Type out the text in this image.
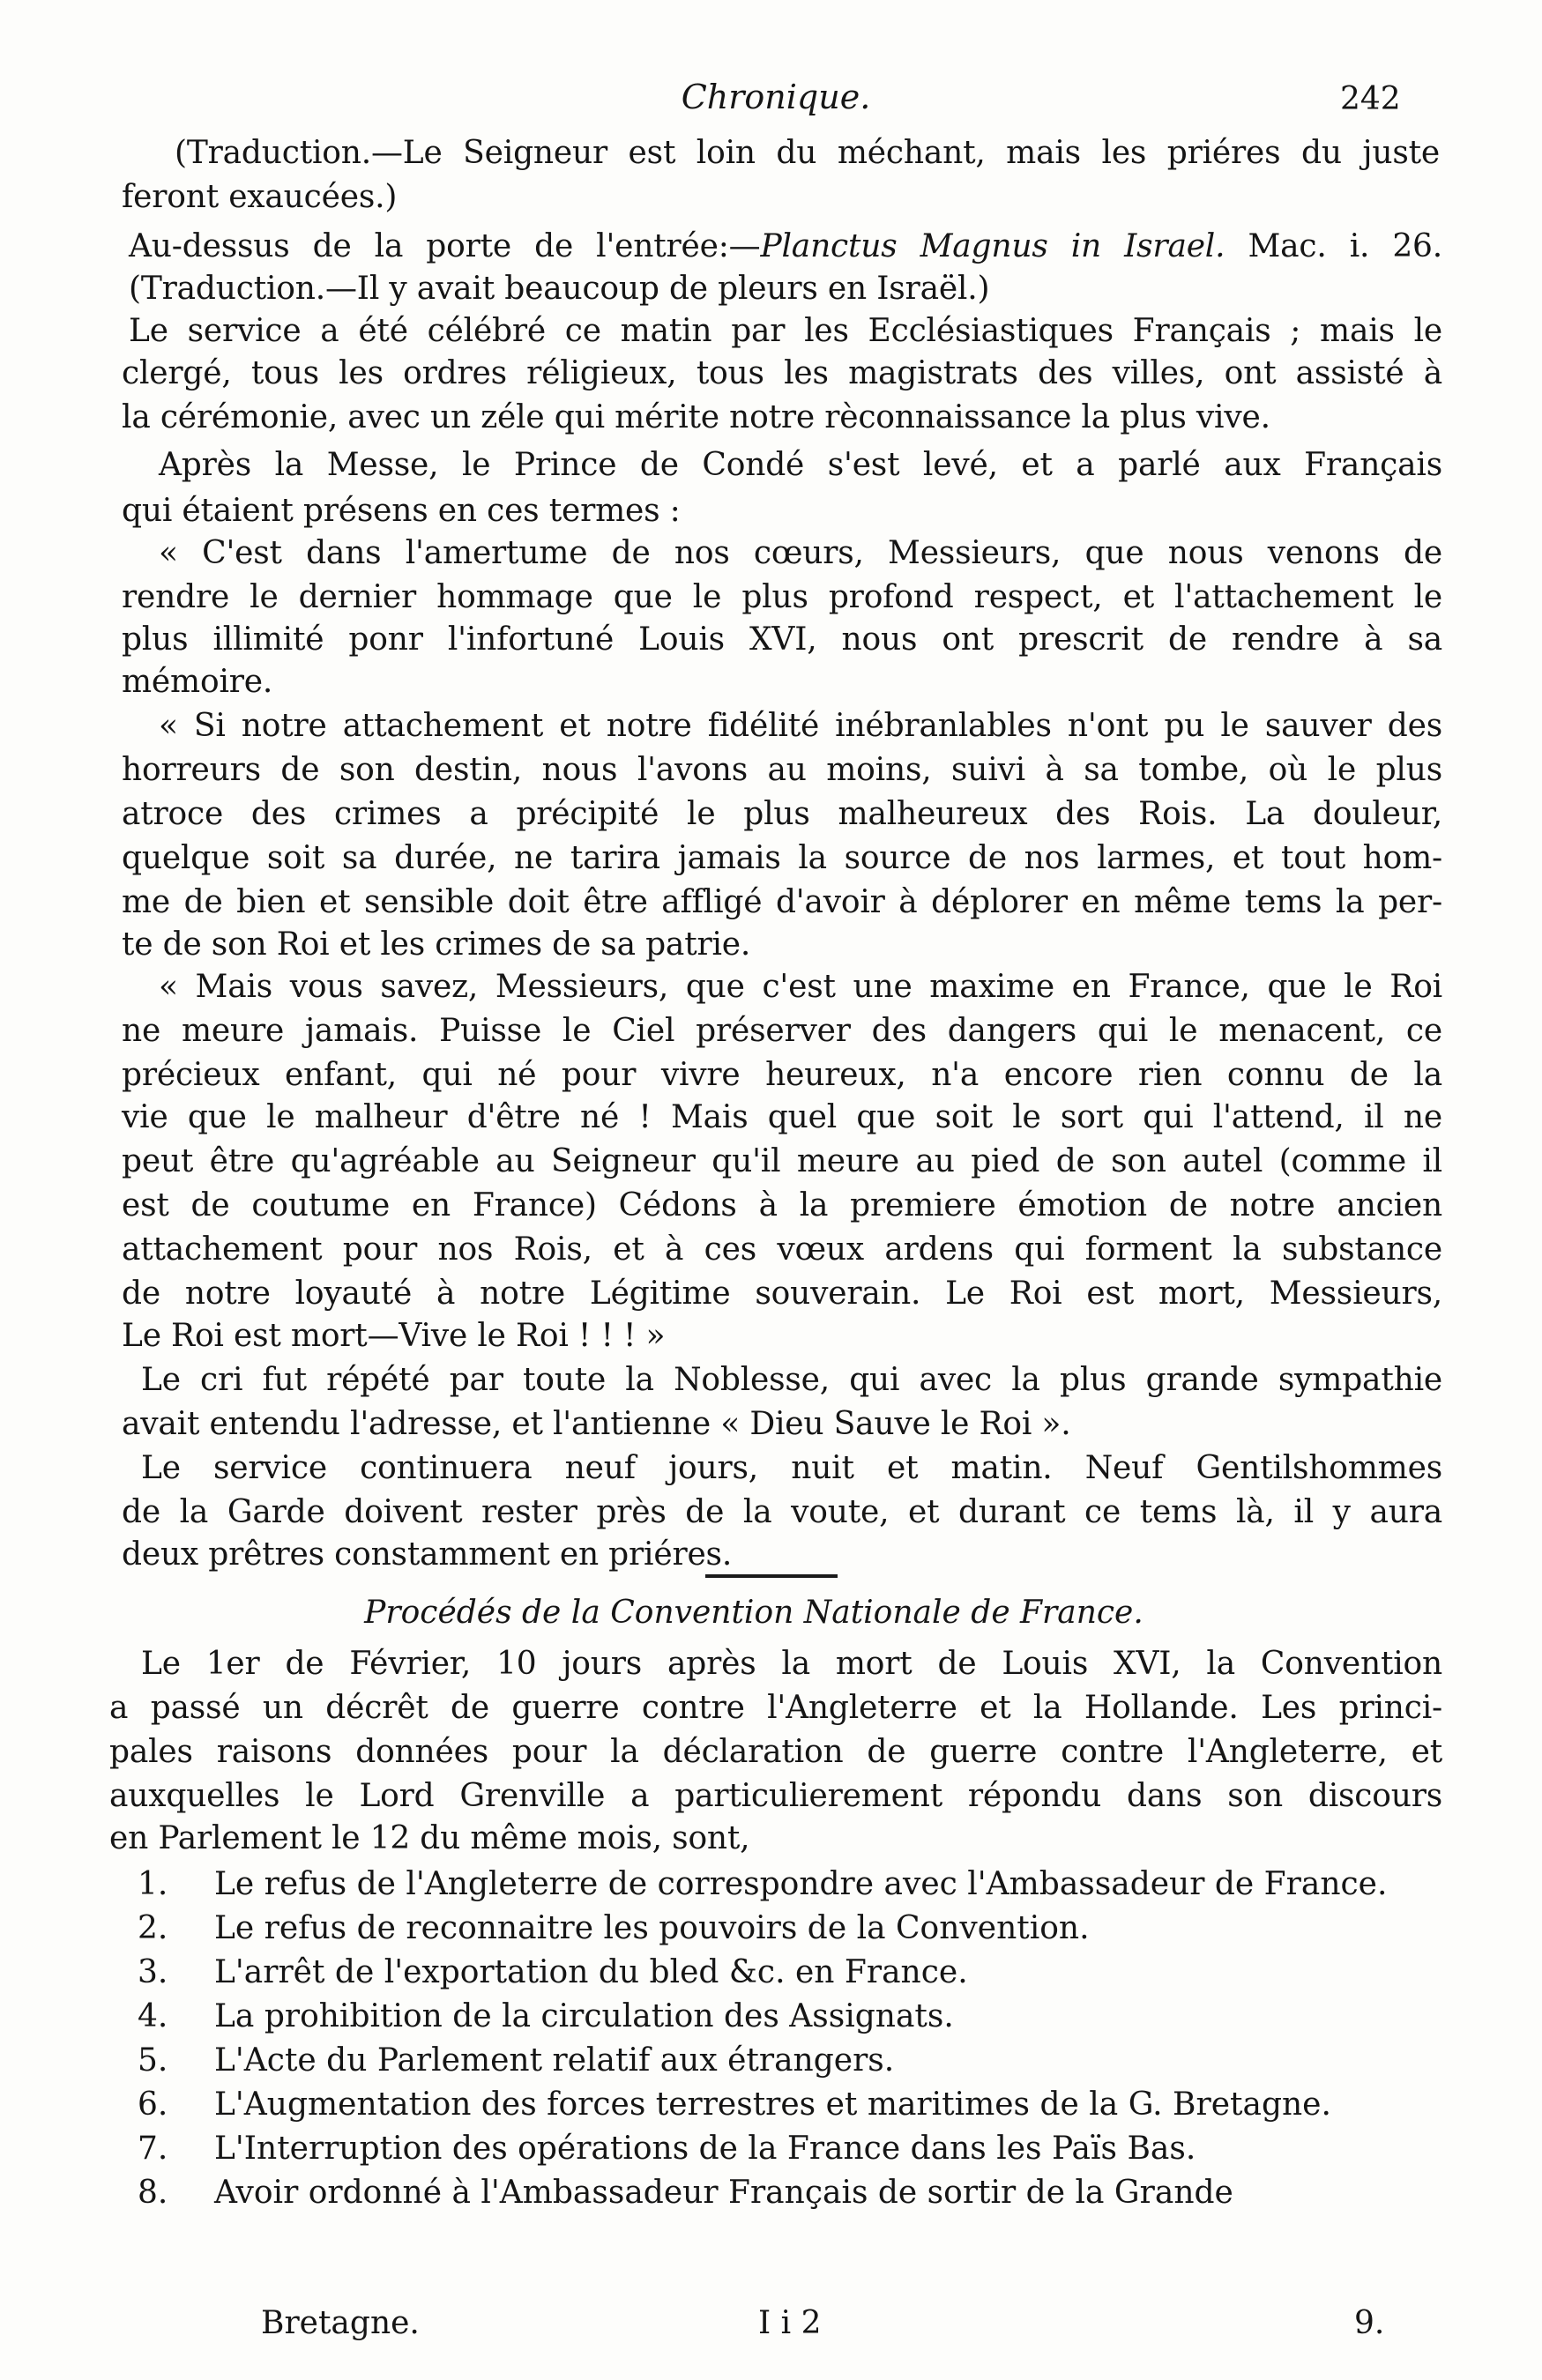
Chronique.	242
(Traduction.—Le Seigneur est loin du méchant, mais les priéres du juste
feront exaucées.)
Au-dessus de la porte de l'entrée:—Planctus Magnus in Israel. Mac. i. 26.
(Traduction.—Il y avait beaucoup de pleurs en Israël.)
Le service a été célébré ce matin par les Ecclésiastiques Français ; mais le
clergé, tous les ordres réligieux, tous les magistrats des villes, ont assisté à
la cérémonie, avec un zéle qui mérite notre rèconnaissance la plus vive.
Après la Messe, le Prince de Condé s'est levé, et a parlé aux Français
qui étaient présens en ces termes :
« C'est dans l'amertume de nos cœurs, Messieurs, que nous venons de
rendre le dernier hommage que le plus profond respect, et l'attachement le
plus illimité ponr l'infortuné Louis XVI, nous ont prescrit de rendre à sa
mémoire.
« Si notre attachement et notre fidélité inébranlables n'ont pu le sauver des
horreurs de son destin, nous l'avons au moins, suivi à sa tombe, où le plus
atroce des crimes a précipité le plus malheureux des Rois. La douleur,
quelque soit sa durée, ne tarira jamais la source de nos larmes, et tout hom-
me de bien et sensible doit être affligé d'avoir à déplorer en même tems la per-
te de son Roi et les crimes de sa patrie.
« Mais vous savez, Messieurs, que c'est une maxime en France, que le Roi
ne meure jamais. Puisse le Ciel préserver des dangers qui le menacent, ce
précieux enfant, qui né pour vivre heureux, n'a encore rien connu de la
vie que le malheur d'être né ! Mais quel que soit le sort qui l'attend, il ne
peut être qu'agréable au Seigneur qu'il meure au pied de son autel (comme il
est de coutume en France) Cédons à la premiere émotion de notre ancien
attachement pour nos Rois, et à ces vœux ardens qui forment la substance
de notre loyauté à notre Légitime souverain. Le Roi est mort, Messieurs,
Le Roi est mort—Vive le Roi ! ! ! »
Le cri fut répété par toute la Noblesse, qui avec la plus grande sympathie
avait entendu l'adresse, et l'antienne « Dieu Sauve le Roi ».
Le service continuera neuf jours, nuit et matin. Neuf Gentilshommes
de la Garde doivent rester près de la voute, et durant ce tems là, il y aura
deux prêtres constamment en priéres.
Procédés de la Convention Nationale de France.
Le 1er de Février, 10 jours après la mort de Louis XVI, la Convention
a passé un décrêt de guerre contre l'Angleterre et la Hollande. Les princi-
pales raisons données pour la déclaration de guerre contre l'Angleterre, et
auxquelles le Lord Grenville a particulierement répondu dans son discours
en Parlement le 12 du même mois, sont,
1.	Le refus de l'Angleterre de correspondre avec l'Ambassadeur de France.
2.	Le refus de reconnaitre les pouvoirs de la Convention.
3.	L'arrêt de l'exportation du bled &c. en France.
4.	La prohibition de la circulation des Assignats.
5.	L'Acte du Parlement relatif aux étrangers.
6.	L'Augmentation des forces terrestres et maritimes de la G. Bretagne.
7.	L'Interruption des opérations de la France dans les Païs Bas.
8.	Avoir ordonné à l'Ambassadeur Français de sortir de la Grande
Bretagne.	I i 2	9.
